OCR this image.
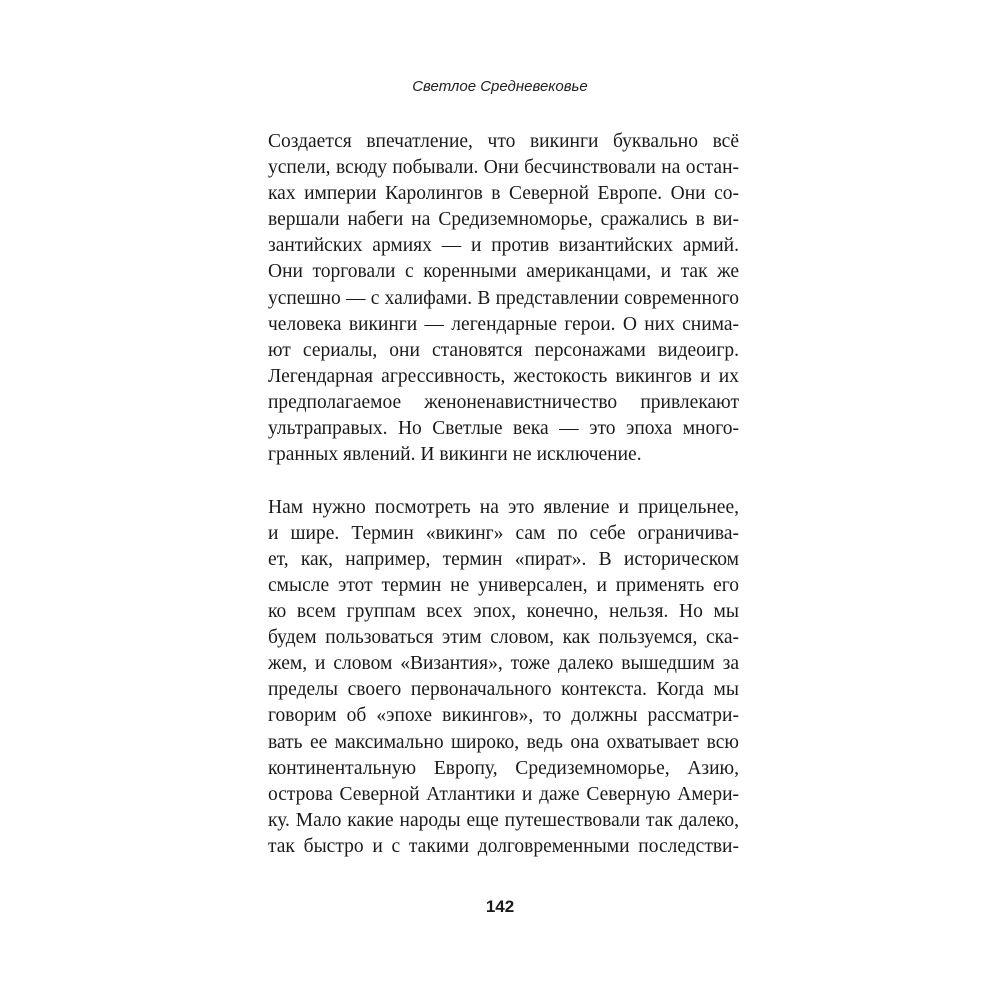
Светлое Средневековье
Создается впечатление, что викинги буквально всё
успели, всюду побывали. Они бесчинствовали на остан-
ках империи Каролингов в Северной Европе. Они со-
вершали набеги на Средиземноморье, сражались в ви-
зантийских армиях — и против византийских армий.
Они торговали с коренными американцами, и так же
успешно — с халифами. В представлении современного
человека викинги — легендарные герои. О них снима-
ют сериалы, они становятся персонажами видеоигр.
Легендарная агрессивность, жестокость викингов и их
предполагаемое женоненавистничество привлекают
ультраправых. Но Светлые века — это эпоха много-
гранных явлений. И викинги не исключение.
Нам нужно посмотреть на это явление и прицельнее,
и шире. Термин «викинг» сам по себе ограничива-
ет, как, например, термин «пират». В историческом
смысле этот термин не универсален, и применять его
ко всем группам всех эпох, конечно, нельзя. Но мы
будем пользоваться этим словом, как пользуемся, ска-
жем, и словом «Византия», тоже далеко вышедшим за
пределы своего первоначального контекста. Когда мы
говорим об «эпохе викингов», то должны рассматри-
вать ее максимально широко, ведь она охватывает всю
континентальную Европу, Средиземноморье, Азию,
острова Северной Атлантики и даже Северную Амери-
ку. Мало какие народы еще путешествовали так далеко,
так быстро и с такими долговременными последстви-
142
